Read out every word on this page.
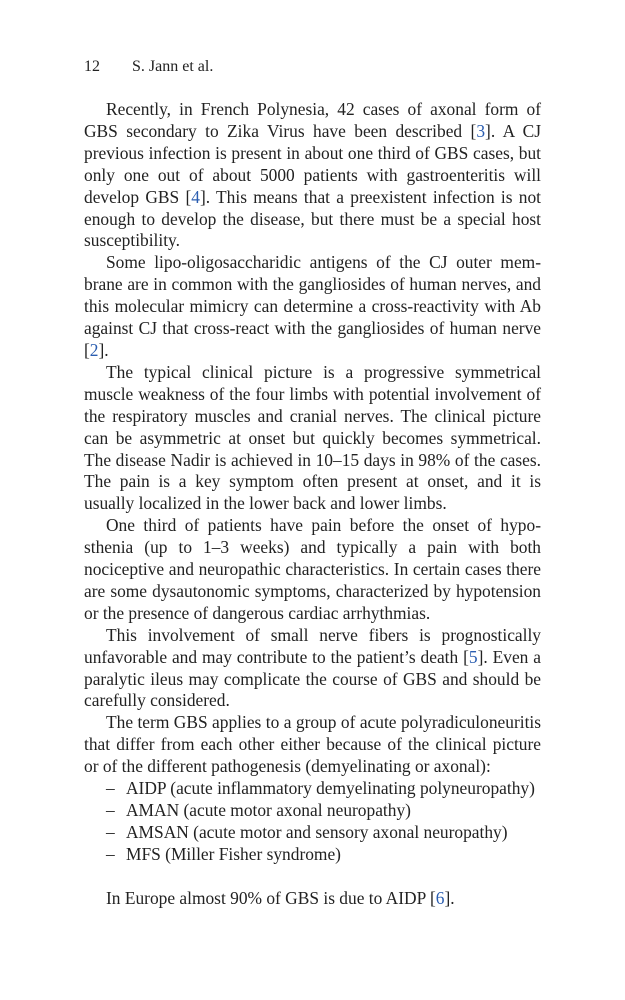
12 S. Jann et al.

Recently, in French Polynesia, 42 cases of axonal form of GBS secondary to Zika Virus have been described [3]. A CJ previous infection is present in about one third of GBS cases, but only one out of about 5000 patients with gastroenteritis will develop GBS [4]. This means that a preexistent infection is not enough to develop the disease, but there must be a special host susceptibility.

Some lipo-oligosaccharidic antigens of the CJ outer membrane are in common with the gangliosides of human nerves, and this molecular mimicry can determine a cross-reactivity with Ab against CJ that cross-react with the gangliosides of human nerve [2].

The typical clinical picture is a progressive symmetrical muscle weakness of the four limbs with potential involvement of the respiratory muscles and cranial nerves. The clinical picture can be asymmetric at onset but quickly becomes symmetrical. The disease Nadir is achieved in 10–15 days in 98% of the cases. The pain is a key symptom often present at onset, and it is usually localized in the lower back and lower limbs.

One third of patients have pain before the onset of hyposthenia (up to 1–3 weeks) and typically a pain with both nociceptive and neuropathic characteristics. In certain cases there are some dysautonomic symptoms, characterized by hypotension or the presence of dangerous cardiac arrhythmias.

This involvement of small nerve fibers is prognostically unfavorable and may contribute to the patient’s death [5]. Even a paralytic ileus may complicate the course of GBS and should be carefully considered.

The term GBS applies to a group of acute polyradiculoneuritis that differ from each other either because of the clinical picture or of the different pathogenesis (demyelinating or axonal):

– AIDP (acute inflammatory demyelinating polyneuropathy)
– AMAN (acute motor axonal neuropathy)
– AMSAN (acute motor and sensory axonal neuropathy)
– MFS (Miller Fisher syndrome)

In Europe almost 90% of GBS is due to AIDP [6].
